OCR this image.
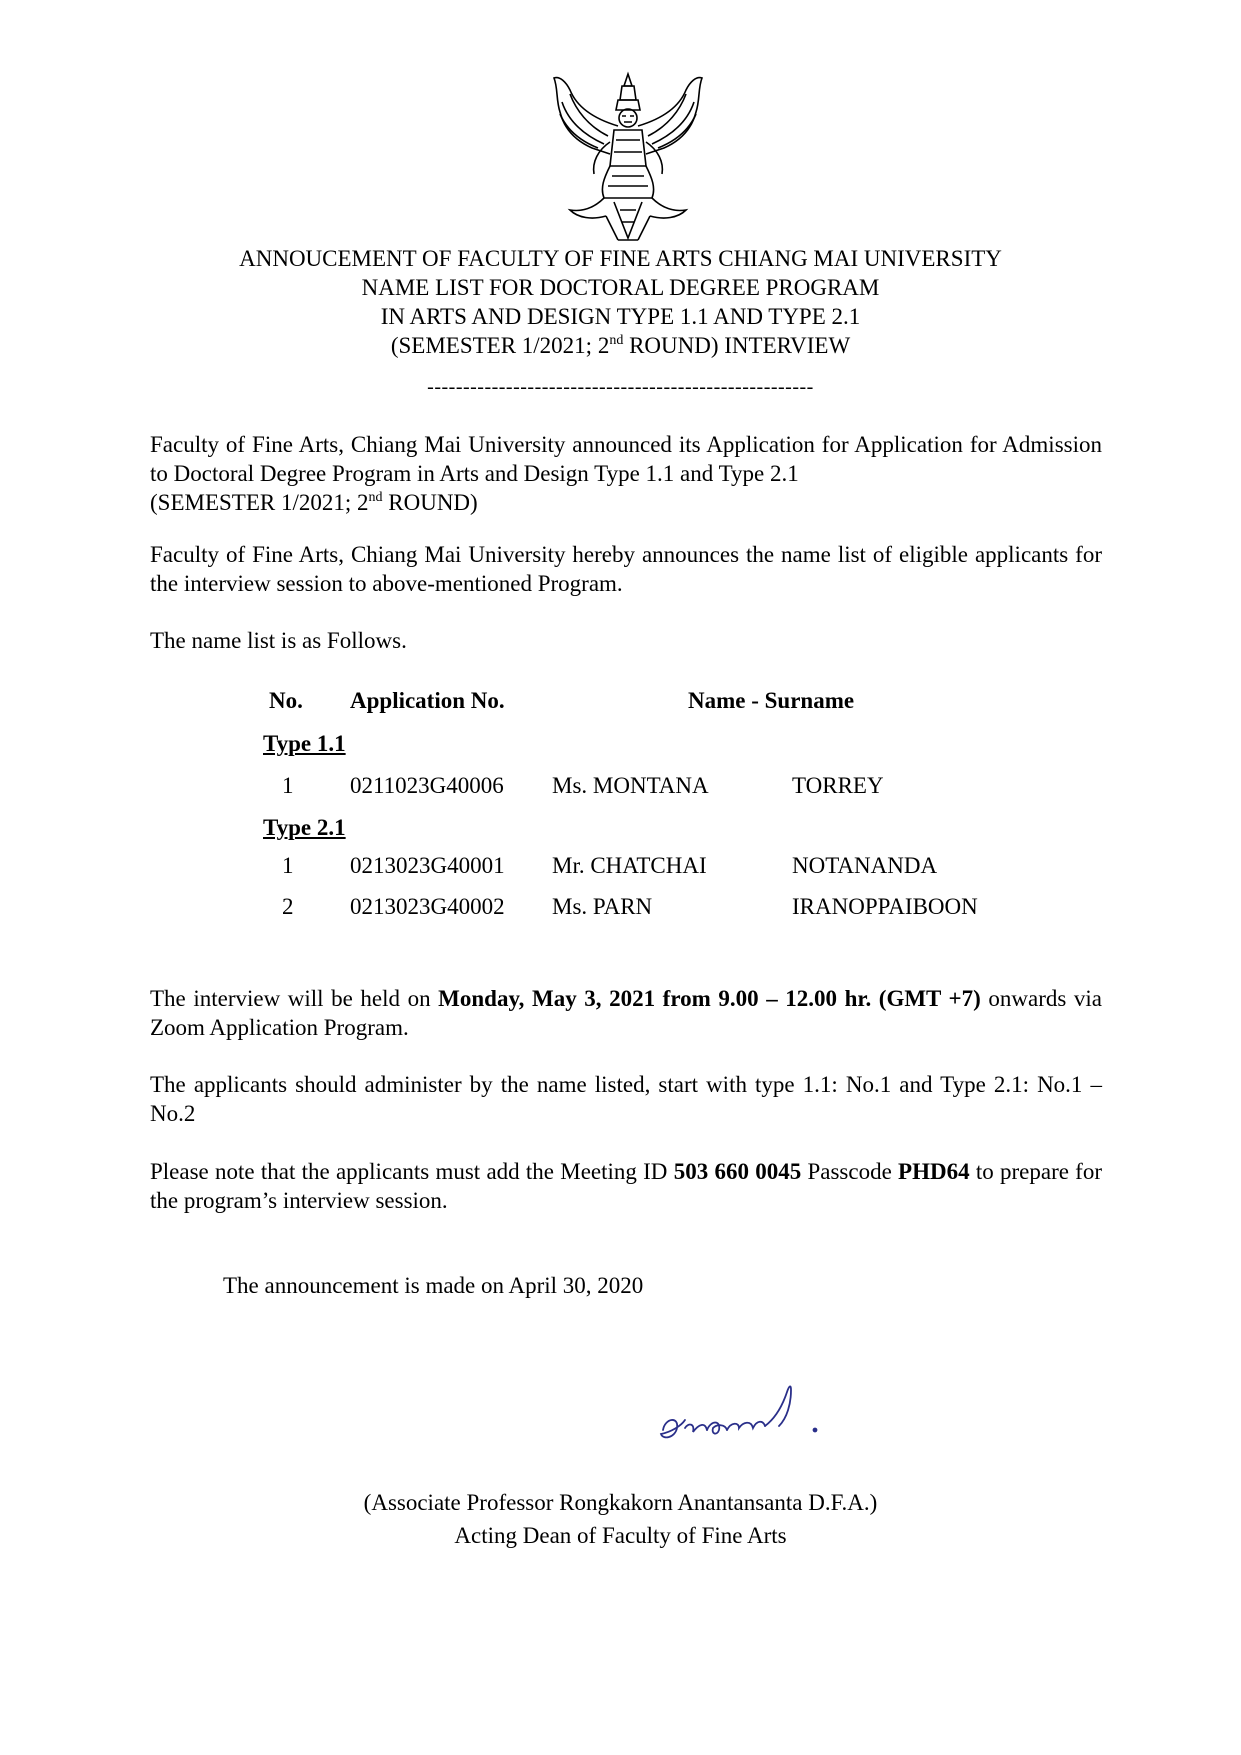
ANNOUCEMENT OF FACULTY OF FINE ARTS CHIANG MAI UNIVERSITY
NAME LIST FOR DOCTORAL DEGREE PROGRAM
IN ARTS AND DESIGN TYPE 1.1 AND TYPE 2.1
(SEMESTER 1/2021; 2nd ROUND) INTERVIEW
------------------------------------------------------
Faculty of Fine Arts, Chiang Mai University announced its Application for Application for Admission to Doctoral Degree Program in Arts and Design Type 1.1 and Type 2.1
(SEMESTER 1/2021; 2nd ROUND)
Faculty of Fine Arts, Chiang Mai University hereby announces the name list of eligible applicants for the interview session to above-mentioned Program.
The name list is as Follows.
No. Application No.	Name - Surname
Type 1.1
1 0211023G40006 Ms. MONTANA	TORREY
Type 2.1
1 0213023G40001 Mr. CHATCHAI	NOTANANDA
2 0213023G40002 Ms. PARN	IRANOPPAIBOON
The interview will be held on Monday, May 3, 2021 from 9.00 – 12.00 hr. (GMT +7) onwards via Zoom Application Program.
The applicants should administer by the name listed, start with type 1.1: No.1 and Type 2.1: No.1 – No.2
Please note that the applicants must add the Meeting ID 503 660 0045 Passcode PHD64 to prepare for the program’s interview session.
The announcement is made on April 30, 2020
(Associate Professor Rongkakorn Anantansanta D.F.A.)
Acting Dean of Faculty of Fine Arts
